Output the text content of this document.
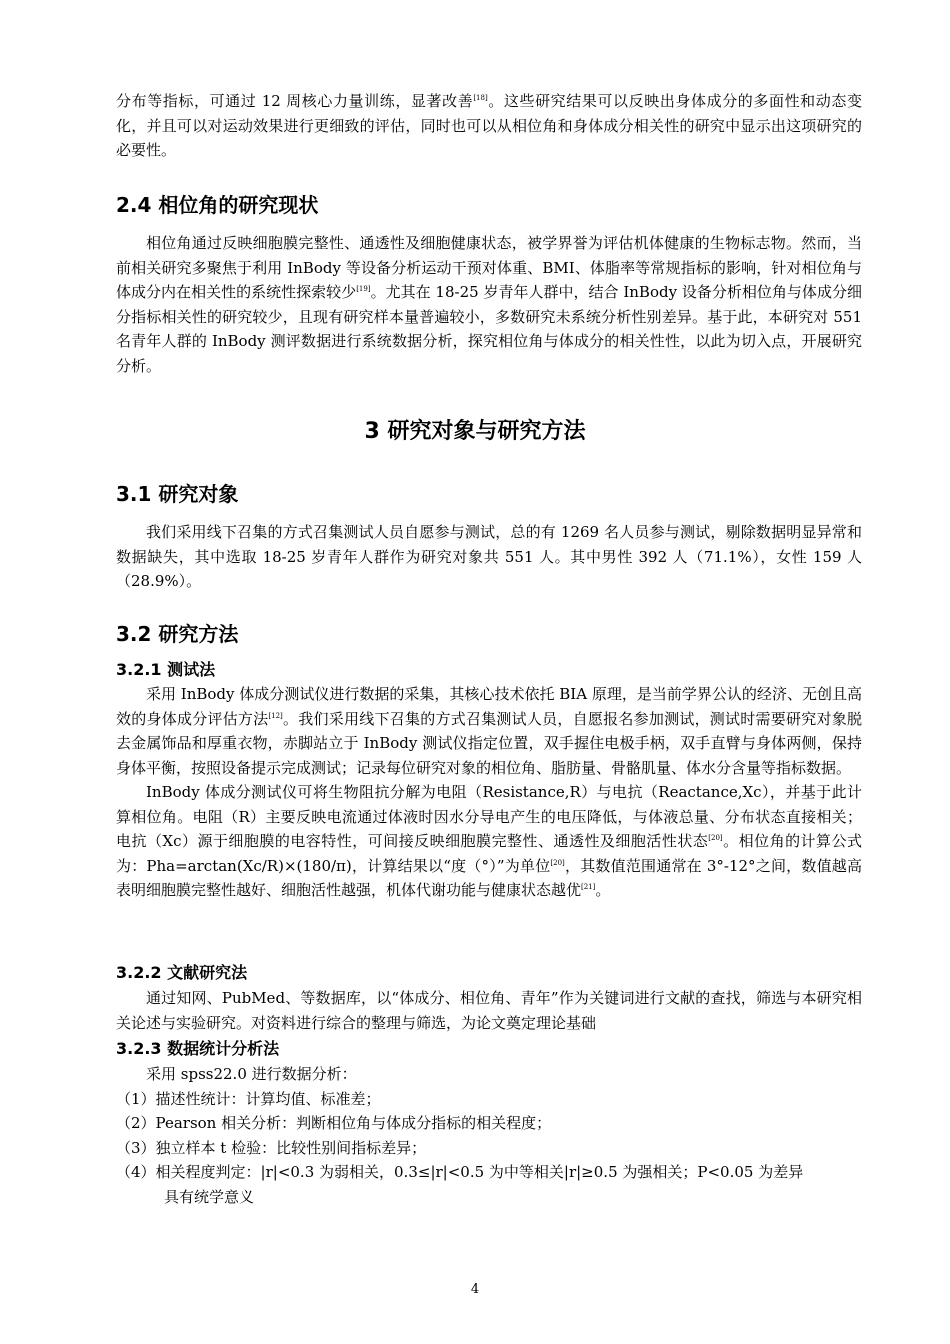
分布等指标，可通过 12 周核心力量训练，显著改善[18]。这些研究结果可以反映出身体成分的多面性和动态变化，并且可以对运动效果进行更细致的评估，同时也可以从相位角和身体成分相关性的研究中显示出这项研究的必要性。

2.4 相位角的研究现状

相位角通过反映细胞膜完整性、通透性及细胞健康状态，被学界誉为评估机体健康的生物标志物。然而，当前相关研究多聚焦于利用 InBody 等设备分析运动干预对体重、BMI、体脂率等常规指标的影响，针对相位角与体成分内在相关性的系统性探索较少[19]。尤其在 18-25 岁青年人群中，结合 InBody 设备分析相位角与体成分细分指标相关性的研究较少，且现有研究样本量普遍较小，多数研究未系统分析性别差异。基于此，本研究对 551 名青年人群的 InBody 测评数据进行系统数据分析，探究相位角与体成分的相关性性，以此为切入点，开展研究分析。

3 研究对象与研究方法
3.1 研究对象

我们采用线下召集的方式召集测试人员自愿参与测试，总的有 1269 名人员参与测试，剔除数据明显异常和数据缺失，其中选取 18-25 岁青年人群作为研究对象共 551 人。其中男性 392 人（71.1%），女性 159 人（28.9%）。

3.2 研究方法
3.2.1 测试法

采用 InBody 体成分测试仪进行数据的采集，其核心技术依托 BIA 原理，是当前学界公认的经济、无创且高效的身体成分评估方法[12]。我们采用线下召集的方式召集测试人员，自愿报名参加测试，测试时需要研究对象脱去金属饰品和厚重衣物，赤脚站立于 InBody 测试仪指定位置，双手握住电极手柄，双手直臂与身体两侧，保持身体平衡，按照设备提示完成测试；记录每位研究对象的相位角、脂肪量、骨骼肌量、体水分含量等指标数据。

InBody 体成分测试仪可将生物阻抗分解为电阻（Resistance,R）与电抗（Reactance,Xc），并基于此计算相位角。电阻（R）主要反映电流通过体液时因水分导电产生的电压降低，与体液总量、分布状态直接相关；电抗（Xc）源于细胞膜的电容特性，可间接反映细胞膜完整性、通透性及细胞活性状态[20]。相位角的计算公式为：Pha=arctan(Xc/R)×(180/π)，计算结果以“度（°）”为单位[20]，其数值范围通常在 3°-12°之间，数值越高表明细胞膜完整性越好、细胞活性越强，机体代谢功能与健康状态越优[21]。

3.2.2 文献研究法

通过知网、PubMed、等数据库，以“体成分、相位角、青年”作为关键词进行文献的查找，筛选与本研究相关论述与实验研究。对资料进行综合的整理与筛选，为论文奠定理论基础

3.2.3 数据统计分析法

采用 spss22.0 进行数据分析：

（1）描述性统计：计算均值、标准差；

（2）Pearson 相关分析：判断相位角与体成分指标的相关程度；

（3）独立样本 t 检验：比较性别间指标差异；

（4）相关程度判定：|r|<0.3 为弱相关，0.3≤|r|<0.5 为中等相关|r|≥0.5 为强相关；P<0.05 为差异

具有统学意义

4
